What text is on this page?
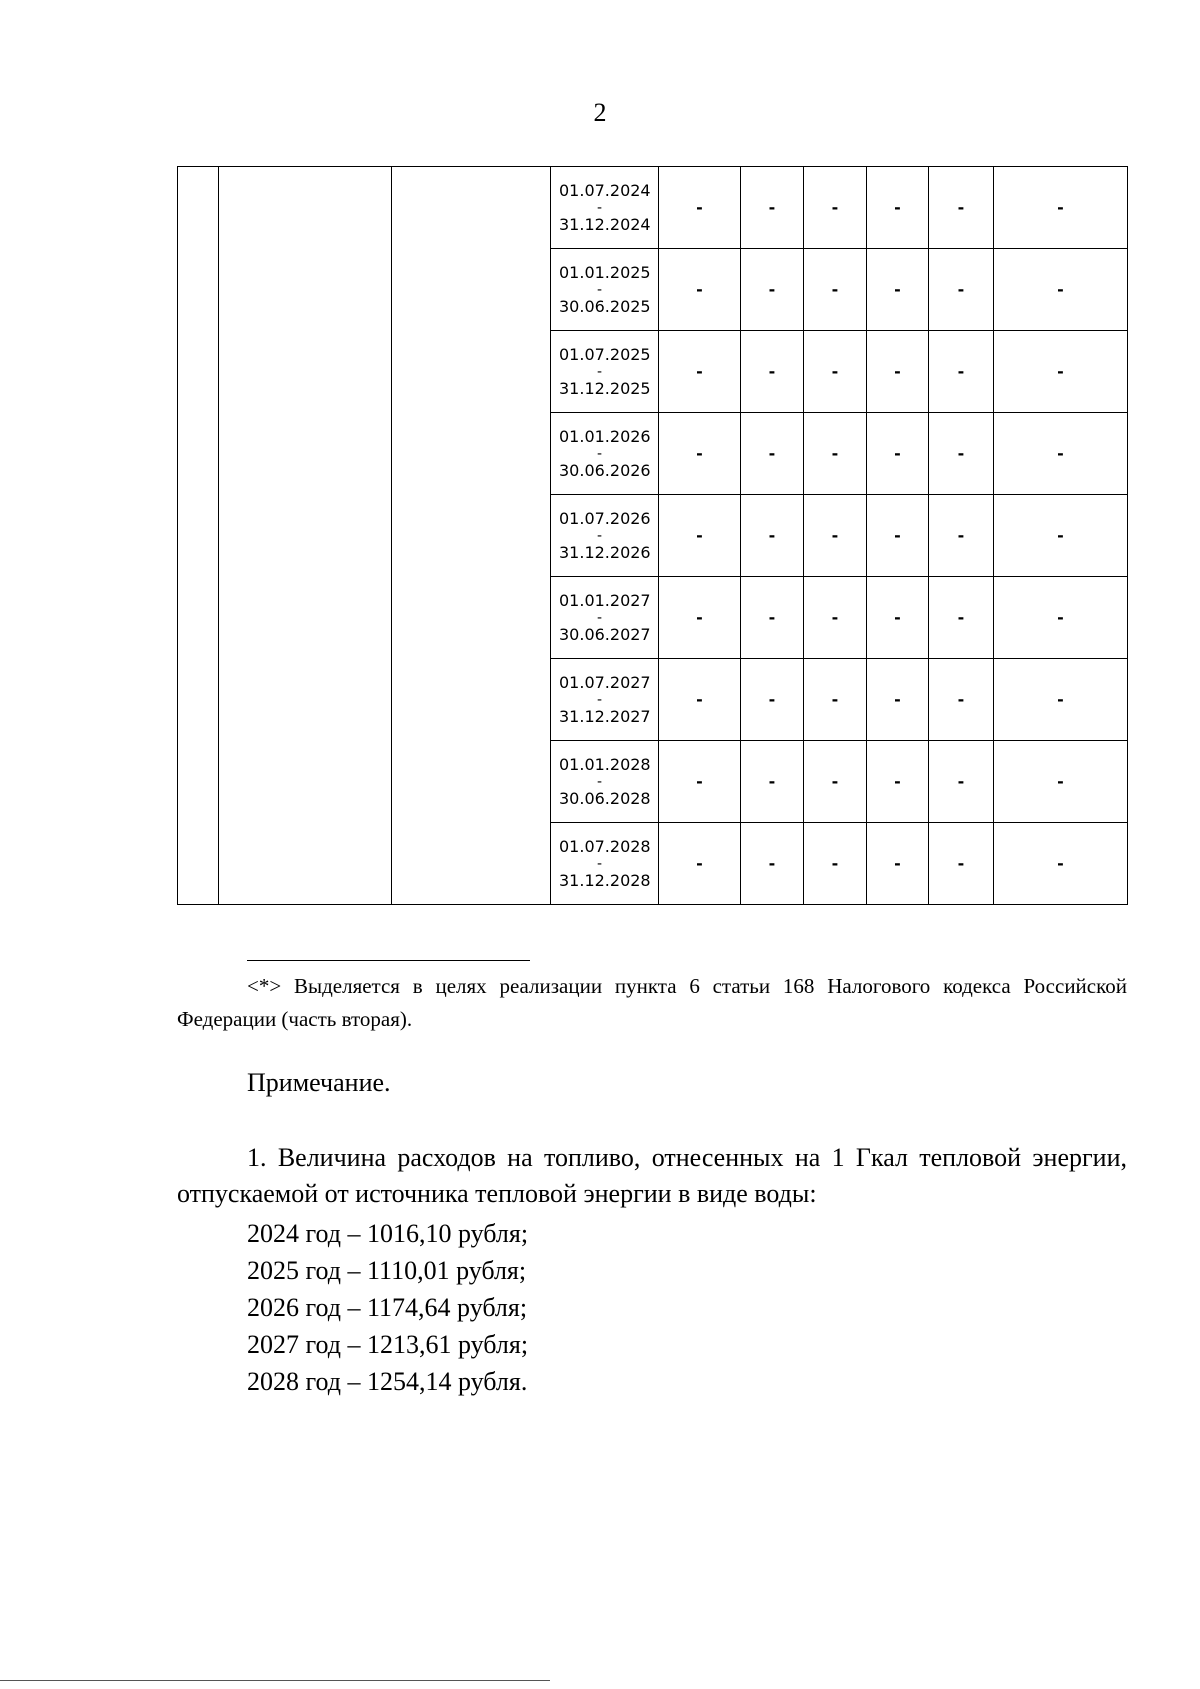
2

			01.07.2024
-
31.12.2024	-	-	-	-	-	-

			01.01.2025
-
30.06.2025	-	-	-	-	-	-

			01.07.2025
-
31.12.2025	-	-	-	-	-	-

			01.01.2026
-
30.06.2026	-	-	-	-	-	-

			01.07.2026
-
31.12.2026	-	-	-	-	-	-

			01.01.2027
-
30.06.2027	-	-	-	-	-	-

			01.07.2027
-
31.12.2027	-	-	-	-	-	-

			01.01.2028
-
30.06.2028	-	-	-	-	-	-

			01.07.2028
-
31.12.2028	-	-	-	-	-	-
<*> Выделяется в целях реализации пункта 6 статьи 168 Налогового кодекса Российской Федерации (часть вторая).
Примечание.
1. Величина расходов на топливо, отнесенных на 1 Гкал тепловой энергии, отпускаемой от источника тепловой энергии в виде воды:
2024 год – 1016,10 рубля;
2025 год – 1110,01 рубля;
2026 год – 1174,64 рубля;
2027 год – 1213,61 рубля;
2028 год – 1254,14 рубля.
